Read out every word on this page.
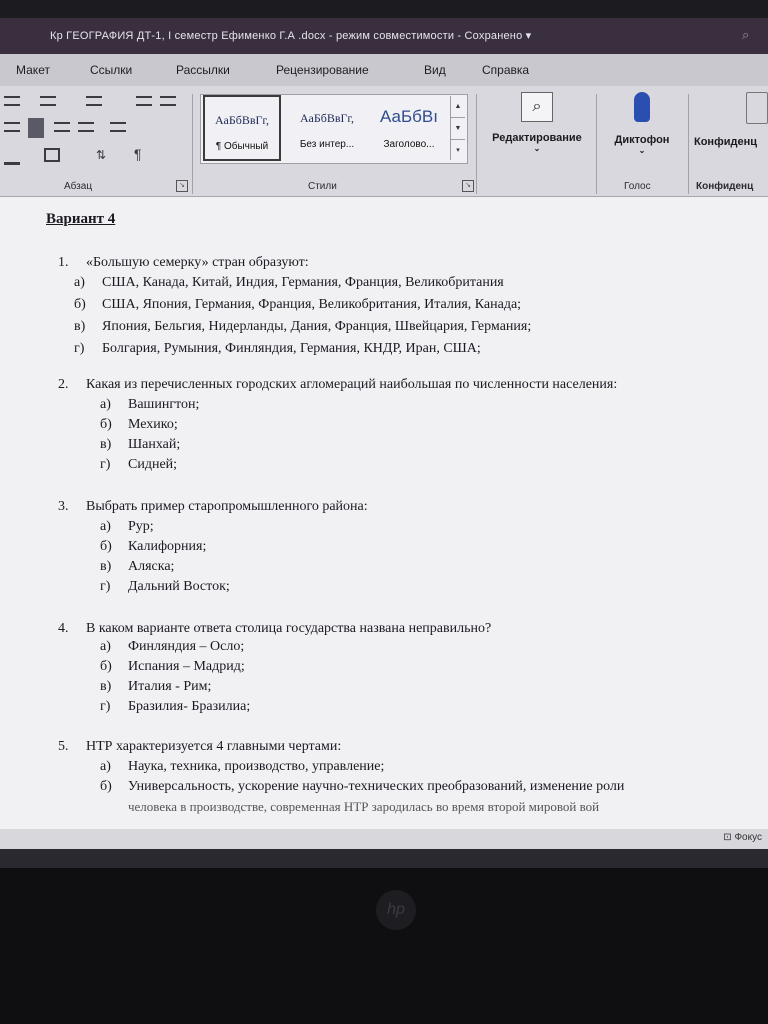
Кр ГЕОГРАФИЯ ДТ-1, I семестр Ефименко Г.А .docx - режим совместимости - Сохранено ▾	⌕
Макет	Ссылки	Рассылки	Рецензирование	Вид	Справка
⇅	¶
Абзац	↘	Стили	↘
⌕
Редактирование
⌄
Диктофон
⌄
Голос
Конфиденц
Конфиденц
АаБбВвГг,
¶ Обычный
АаБбВвГг,
Без интер...
АаБбВı
Заголово...
▲
▼
▾
Вариант 4
1. «Большую семерку» стран образуют:
а) США, Канада, Китай, Индия, Германия, Франция, Великобритания
б) США, Япония, Германия, Франция, Великобритания, Италия, Канада;
в) Япония, Бельгия, Нидерланды, Дания, Франция, Швейцария, Германия;
г) Болгария, Румыния, Финляндия, Германия, КНДР, Иран, США;
2. Какая из перечисленных городских агломераций наибольшая по численности населения:
а) Вашингтон;
б) Мехико;
в) Шанхай;
г) Сидней;
3. Выбрать пример старопромышленного района:
а) Рур;
б) Калифорния;
в) Аляска;
г) Дальний Восток;
4. В каком варианте ответа столица государства названа неправильно?
а) Финляндия – Осло;
б) Испания – Мадрид;
в) Италия - Рим;
г) Бразилия- Бразилиа;
5. НТР характеризуется 4 главными чертами:
а) Наука, техника, производство, управление;
б) Универсальность, ускорение научно-технических преобразований, изменение роли
человека в производстве, современная НТР зародилась во время второй мировой вой
⊡ Фокус
hp
